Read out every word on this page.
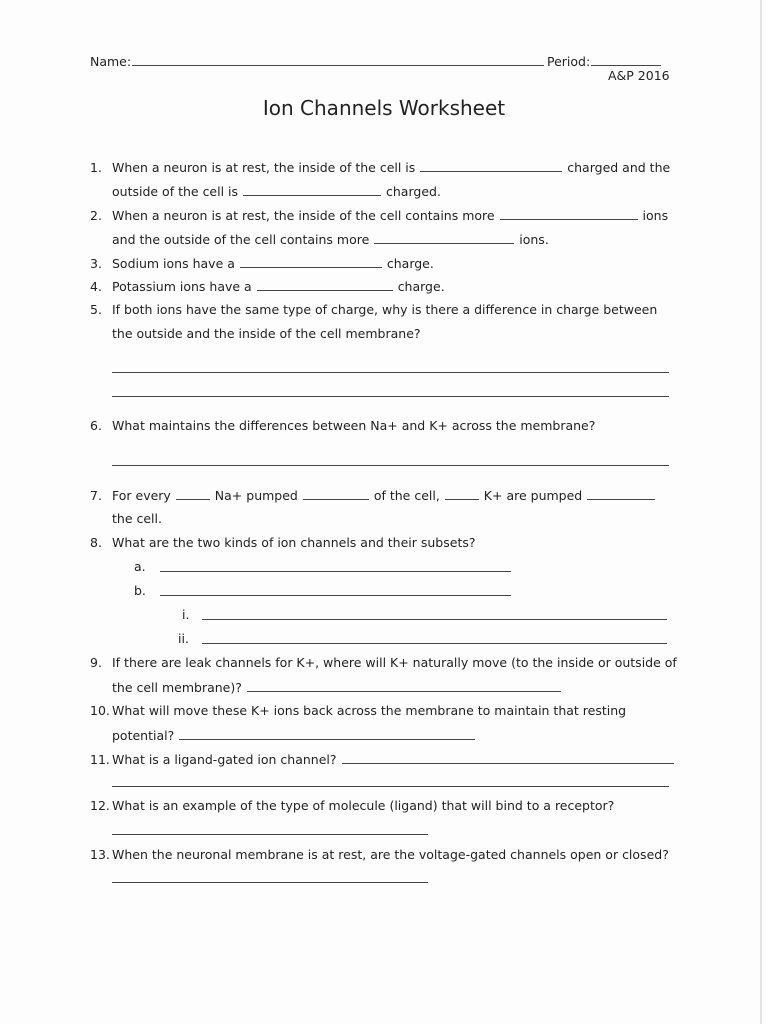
Name:	Period:
A&P 2016
Ion Channels Worksheet
1. When a neuron is at rest, the inside of the cell is	charged and the
outside of the cell is	charged.
2. When a neuron is at rest, the inside of the cell contains more	ions
and the outside of the cell contains more	ions.
3. Sodium ions have a	charge.
4. Potassium ions have a	charge.
5. If both ions have the same type of charge, why is there a difference in charge between
the outside and the inside of the cell membrane?
6. What maintains the differences between Na+ and K+ across the membrane?
7. For every	Na+ pumped	of the cell,	K+ are pumped
the cell.
8. What are the two kinds of ion channels and their subsets?
a.
b.
i.
ii.
9. If there are leak channels for K+, where will K+ naturally move (to the inside or outside of
the cell membrane)?
10. What will move these K+ ions back across the membrane to maintain that resting
potential?
11. What is a ligand-gated ion channel?
12. What is an example of the type of molecule (ligand) that will bind to a receptor?
13. When the neuronal membrane is at rest, are the voltage-gated channels open or closed?
